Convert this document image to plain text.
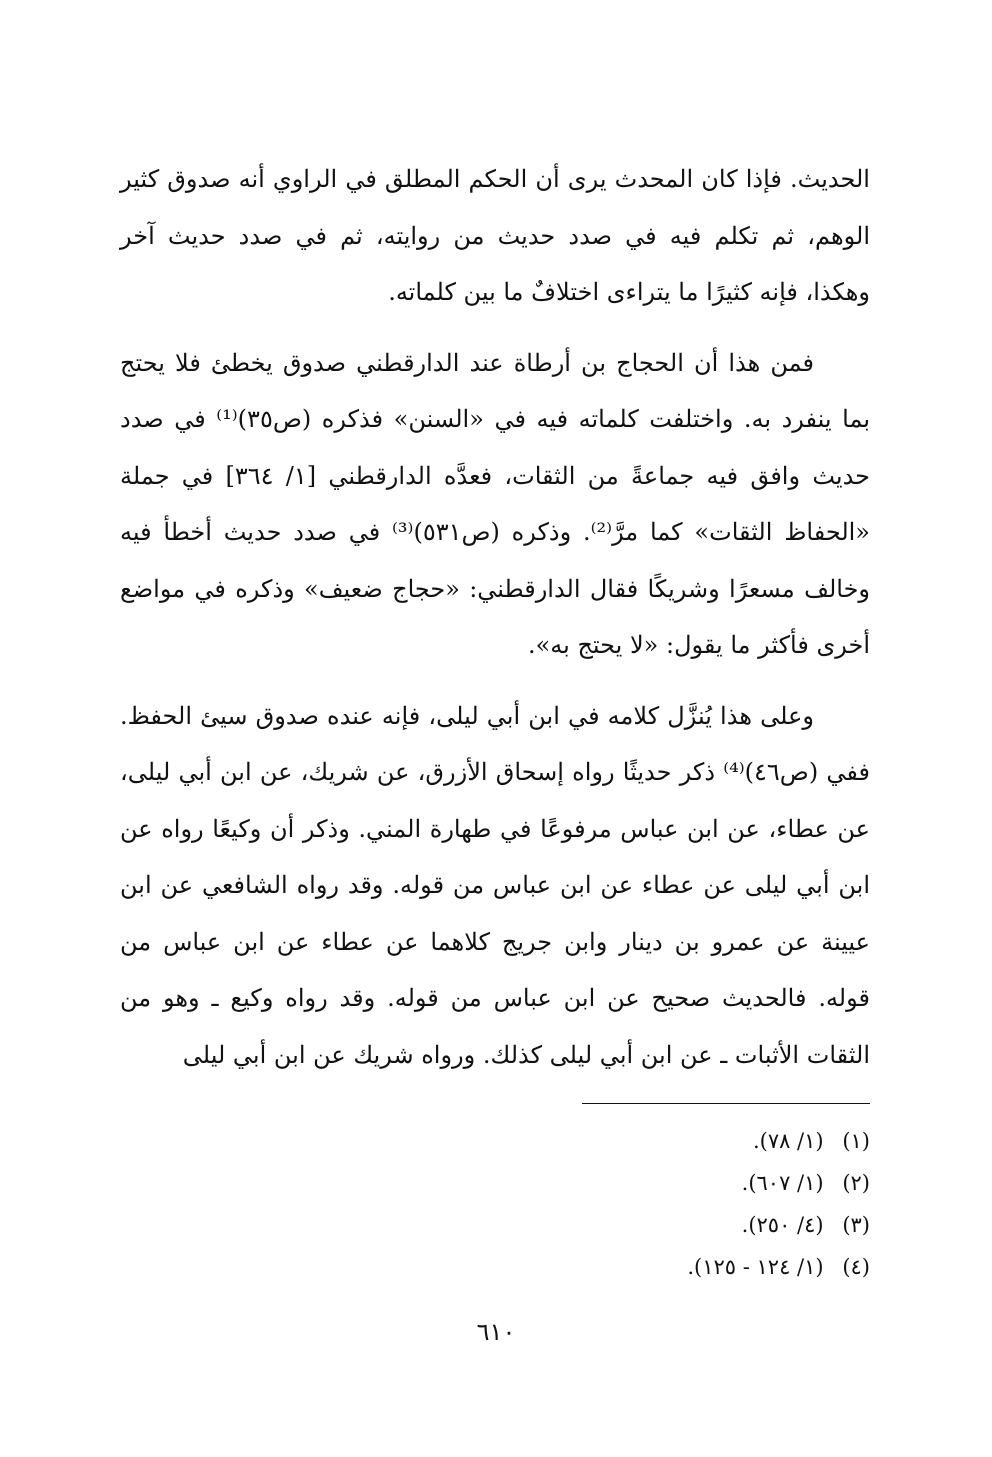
الحديث. فإذا كان المحدث يرى أن الحكم المطلق في الراوي أنه صدوق كثير الوهم، ثم تكلم فيه في صدد حديث من روايته، ثم في صدد حديث آخر وهكذا، فإنه كثيرًا ما يتراءى اختلافٌ ما بين كلماته.

فمن هذا أن الحجاج بن أرطاة عند الدارقطني صدوق يخطئ فلا يحتج بما ينفرد به. واختلفت كلماته فيه في «السنن» فذكره (ص٣٥)⁽¹⁾ في صدد حديث وافق فيه جماعةً من الثقات، فعدَّه الدارقطني [١/ ٣٦٤] في جملة «الحفاظ الثقات» كما مرَّ⁽²⁾. وذكره (ص٥٣١)⁽³⁾ في صدد حديث أخطأ فيه وخالف مسعرًا وشريكًا فقال الدارقطني: «حجاج ضعيف» وذكره في مواضع أخرى فأكثر ما يقول: «لا يحتج به».

وعلى هذا يُنزَّل كلامه في ابن أبي ليلى، فإنه عنده صدوق سيئ الحفظ. ففي (ص٤٦)⁽⁴⁾ ذكر حديثًا رواه إسحاق الأزرق، عن شريك، عن ابن أبي ليلى، عن عطاء، عن ابن عباس مرفوعًا في طهارة المني. وذكر أن وكيعًا رواه عن ابن أبي ليلى عن عطاء عن ابن عباس من قوله. وقد رواه الشافعي عن ابن عيينة عن عمرو بن دينار وابن جريج كلاهما عن عطاء عن ابن عباس من قوله. فالحديث صحيح عن ابن عباس من قوله. وقد رواه وكيع ـ وهو من الثقات الأثبات ـ عن ابن أبي ليلى كذلك. ورواه شريك عن ابن أبي ليلى

(١) (١/ ٧٨).
(٢) (١/ ٦٠٧).
(٣) (٤/ ٢٥٠).
(٤) (١/ ١٢٤ - ١٢٥).
٦١٠
